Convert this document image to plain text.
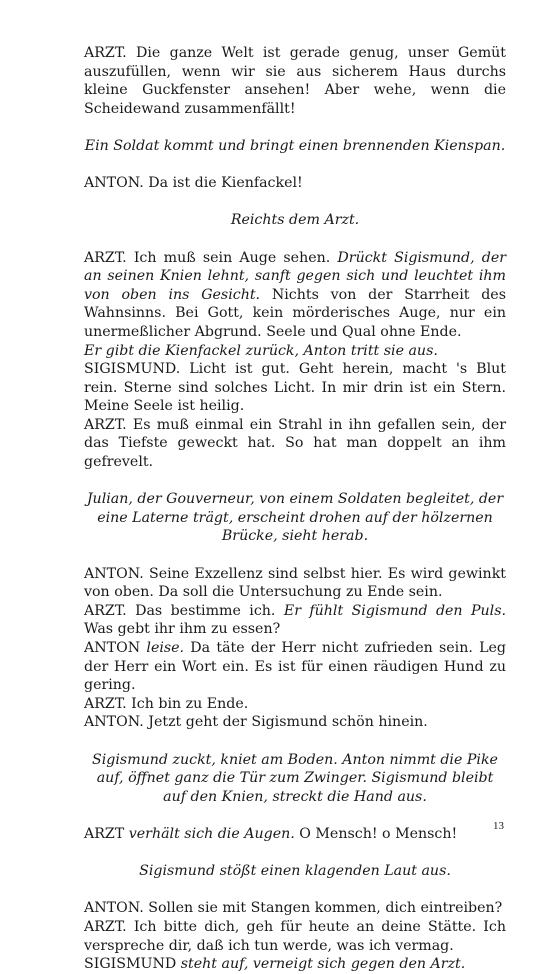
ARZT. Die ganze Welt ist gerade genug, unser Gemüt auszufüllen, wenn wir sie aus sicherem Haus durchs kleine Guckfenster ansehen! Aber wehe, wenn die Scheidewand zusammenfällt!

Ein Soldat kommt und bringt einen brennenden Kienspan.

ANTON. Da ist die Kienfackel!

Reichts dem Arzt.

ARZT. Ich muß sein Auge sehen. Drückt Sigismund, der an seinen Knien lehnt, sanft gegen sich und leuchtet ihm von oben ins Gesicht. Nichts von der Starrheit des Wahnsinns. Bei Gott, kein mörderisches Auge, nur ein unermeßlicher Abgrund. Seele und Qual ohne Ende.

Er gibt die Kienfackel zurück, Anton tritt sie aus.

SIGISMUND. Licht ist gut. Geht herein, macht 's Blut rein. Sterne sind solches Licht. In mir drin ist ein Stern. Meine Seele ist heilig.

ARZT. Es muß einmal ein Strahl in ihn gefallen sein, der das Tiefste geweckt hat. So hat man doppelt an ihm gefrevelt.

Julian, der Gouverneur, von einem Soldaten begleitet, der eine Laterne trägt, erscheint drohen auf der hölzernen Brücke, sieht herab.

ANTON. Seine Exzellenz sind selbst hier. Es wird gewinkt von oben. Da soll die Untersuchung zu Ende sein.

ARZT. Das bestimme ich. Er fühlt Sigismund den Puls. Was gebt ihr ihm zu essen?

ANTON leise. Da täte der Herr nicht zufrieden sein. Leg der Herr ein Wort ein. Es ist für einen räudigen Hund zu gering.

ARZT. Ich bin zu Ende.

ANTON. Jetzt geht der Sigismund schön hinein.

Sigismund zuckt, kniet am Boden. Anton nimmt die Pike auf, öffnet ganz die Tür zum Zwinger. Sigismund bleibt auf den Knien, streckt die Hand aus.

ARZT verhält sich die Augen. O Mensch! o Mensch!

Sigismund stößt einen klagenden Laut aus.

ANTON. Sollen sie mit Stangen kommen, dich eintreiben?

ARZT. Ich bitte dich, geh für heute an deine Stätte. Ich verspreche dir, daß ich tun werde, was ich vermag.

SIGISMUND steht auf, verneigt sich gegen den Arzt.

13
